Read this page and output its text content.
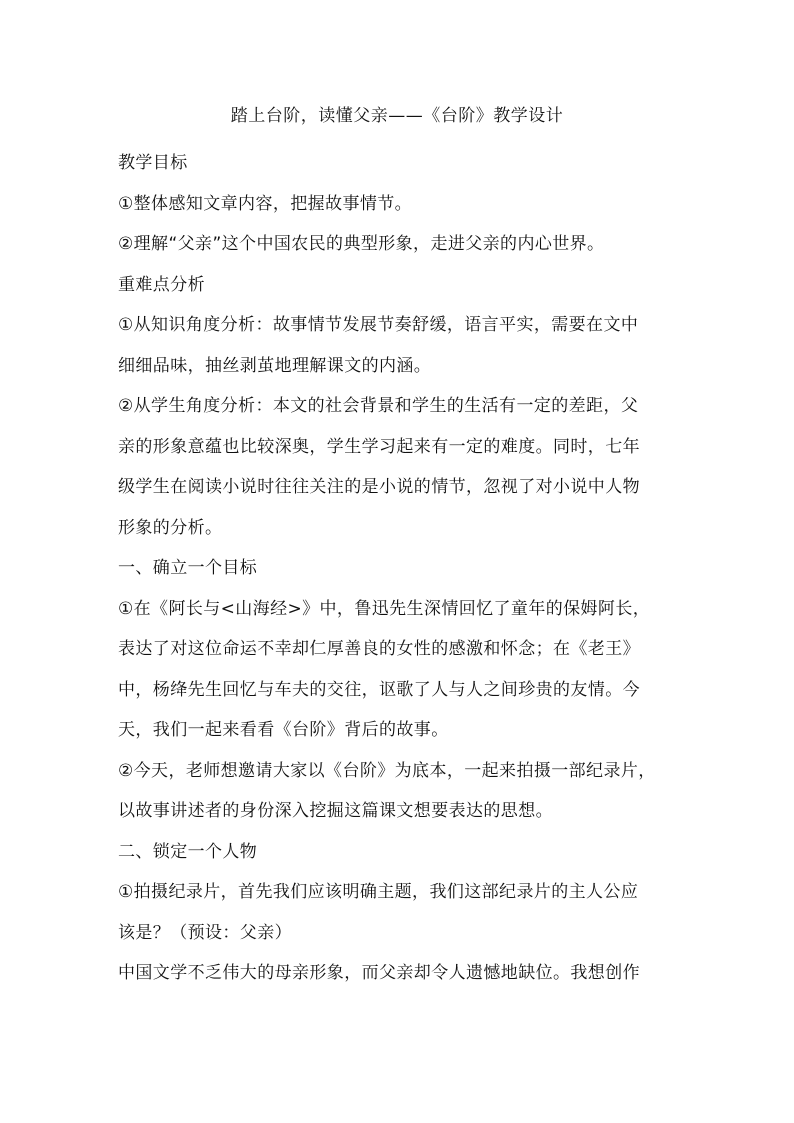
踏上台阶，读懂父亲——《台阶》教学设计

教学目标

①整体感知文章内容，把握故事情节。

②理解“父亲”这个中国农民的典型形象，走进父亲的内心世界。

重难点分析

①从知识角度分析：故事情节发展节奏舒缓，语言平实，需要在文中

细细品味，抽丝剥茧地理解课文的内涵。

②从学生角度分析：本文的社会背景和学生的生活有一定的差距，父

亲的形象意蕴也比较深奥，学生学习起来有一定的难度。同时，七年

级学生在阅读小说时往往关注的是小说的情节，忽视了对小说中人物

形象的分析。

一、确立一个目标

①在《阿长与<山海经>》中，鲁迅先生深情回忆了童年的保姆阿长，

表达了对这位命运不幸却仁厚善良的女性的感激和怀念；在《老王》

中，杨绛先生回忆与车夫的交往，讴歌了人与人之间珍贵的友情。今

天，我们一起来看看《台阶》背后的故事。

②今天，老师想邀请大家以《台阶》为底本，一起来拍摄一部纪录片，

以故事讲述者的身份深入挖掘这篇课文想要表达的思想。

二、锁定一个人物

①拍摄纪录片，首先我们应该明确主题，我们这部纪录片的主人公应

该是？（预设：父亲）

中国文学不乏伟大的母亲形象，而父亲却令人遗憾地缺位。我想创作
